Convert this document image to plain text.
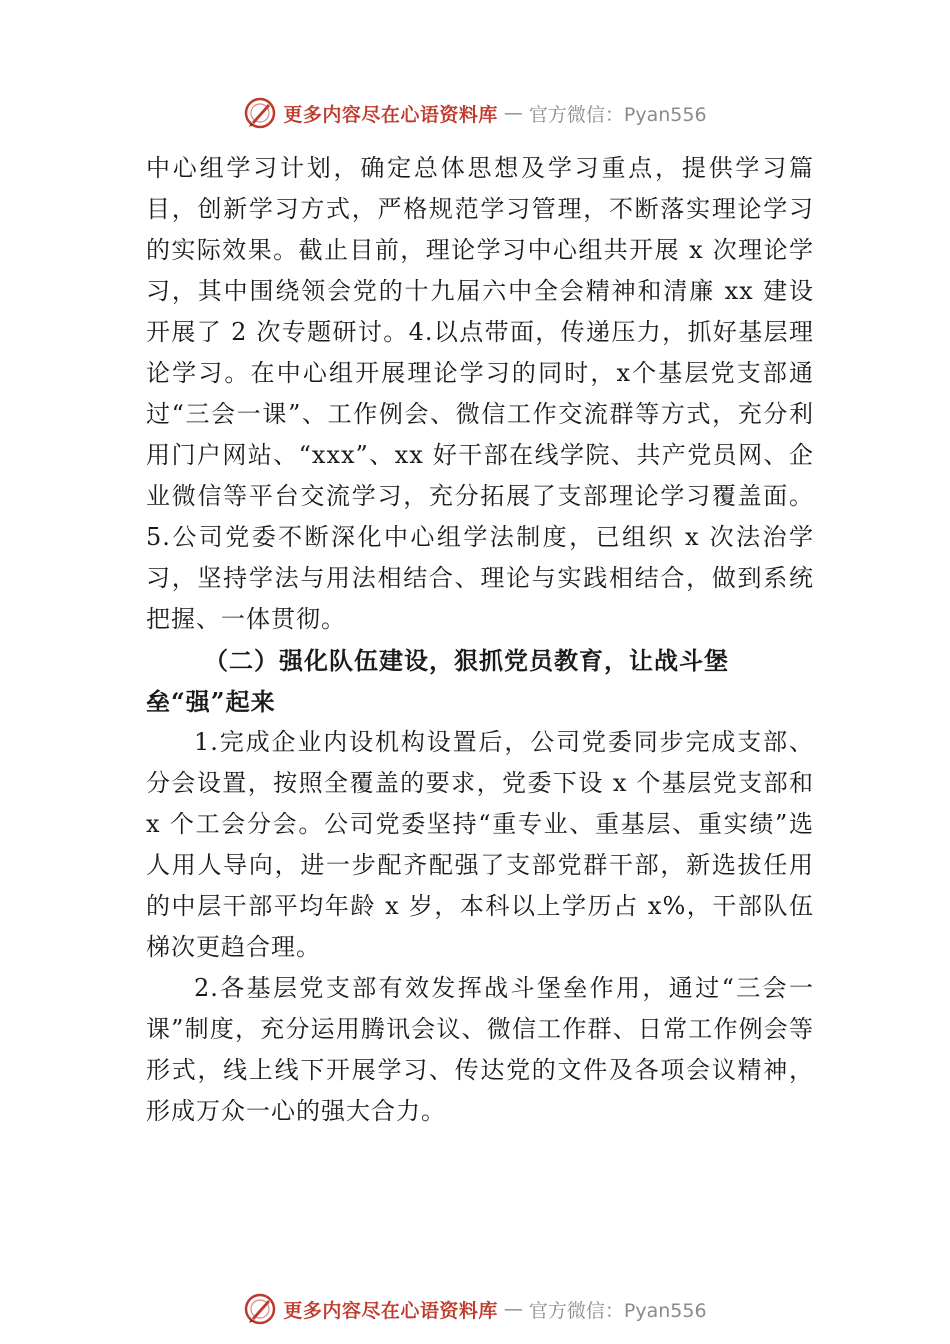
更多内容尽在心语资料库 — 官方微信：Pyan556

中心组学习计划，确定总体思想及学习重点，提供学习篇目，创新学习方式，严格规范学习管理，不断落实理论学习的实际效果。截止目前，理论学习中心组共开展 x 次理论学习，其中围绕领会党的十九届六中全会精神和清廉 xx 建设开展了 2 次专题研讨。4.以点带面，传递压力，抓好基层理论学习。在中心组开展理论学习的同时，x个基层党支部通过“三会一课”、工作例会、微信工作交流群等方式，充分利用门户网站、“xxx”、xx 好干部在线学院、共产党员网、企业微信等平台交流学习，充分拓展了支部理论学习覆盖面。5.公司党委不断深化中心组学法制度，已组织 x 次法治学习，坚持学法与用法相结合、理论与实践相结合，做到系统把握、一体贯彻。

（二）强化队伍建设，狠抓党员教育，让战斗堡垒“强”起来

1.完成企业内设机构设置后，公司党委同步完成支部、分会设置，按照全覆盖的要求，党委下设 x 个基层党支部和 x 个工会分会。公司党委坚持“重专业、重基层、重实绩”选人用人导向，进一步配齐配强了支部党群干部，新选拔任用的中层干部平均年龄 x 岁，本科以上学历占 x%，干部队伍梯次更趋合理。

2.各基层党支部有效发挥战斗堡垒作用，通过“三会一课”制度，充分运用腾讯会议、微信工作群、日常工作例会等形式，线上线下开展学习、传达党的文件及各项会议精神，形成万众一心的强大合力。

更多内容尽在心语资料库 — 官方微信：Pyan556
